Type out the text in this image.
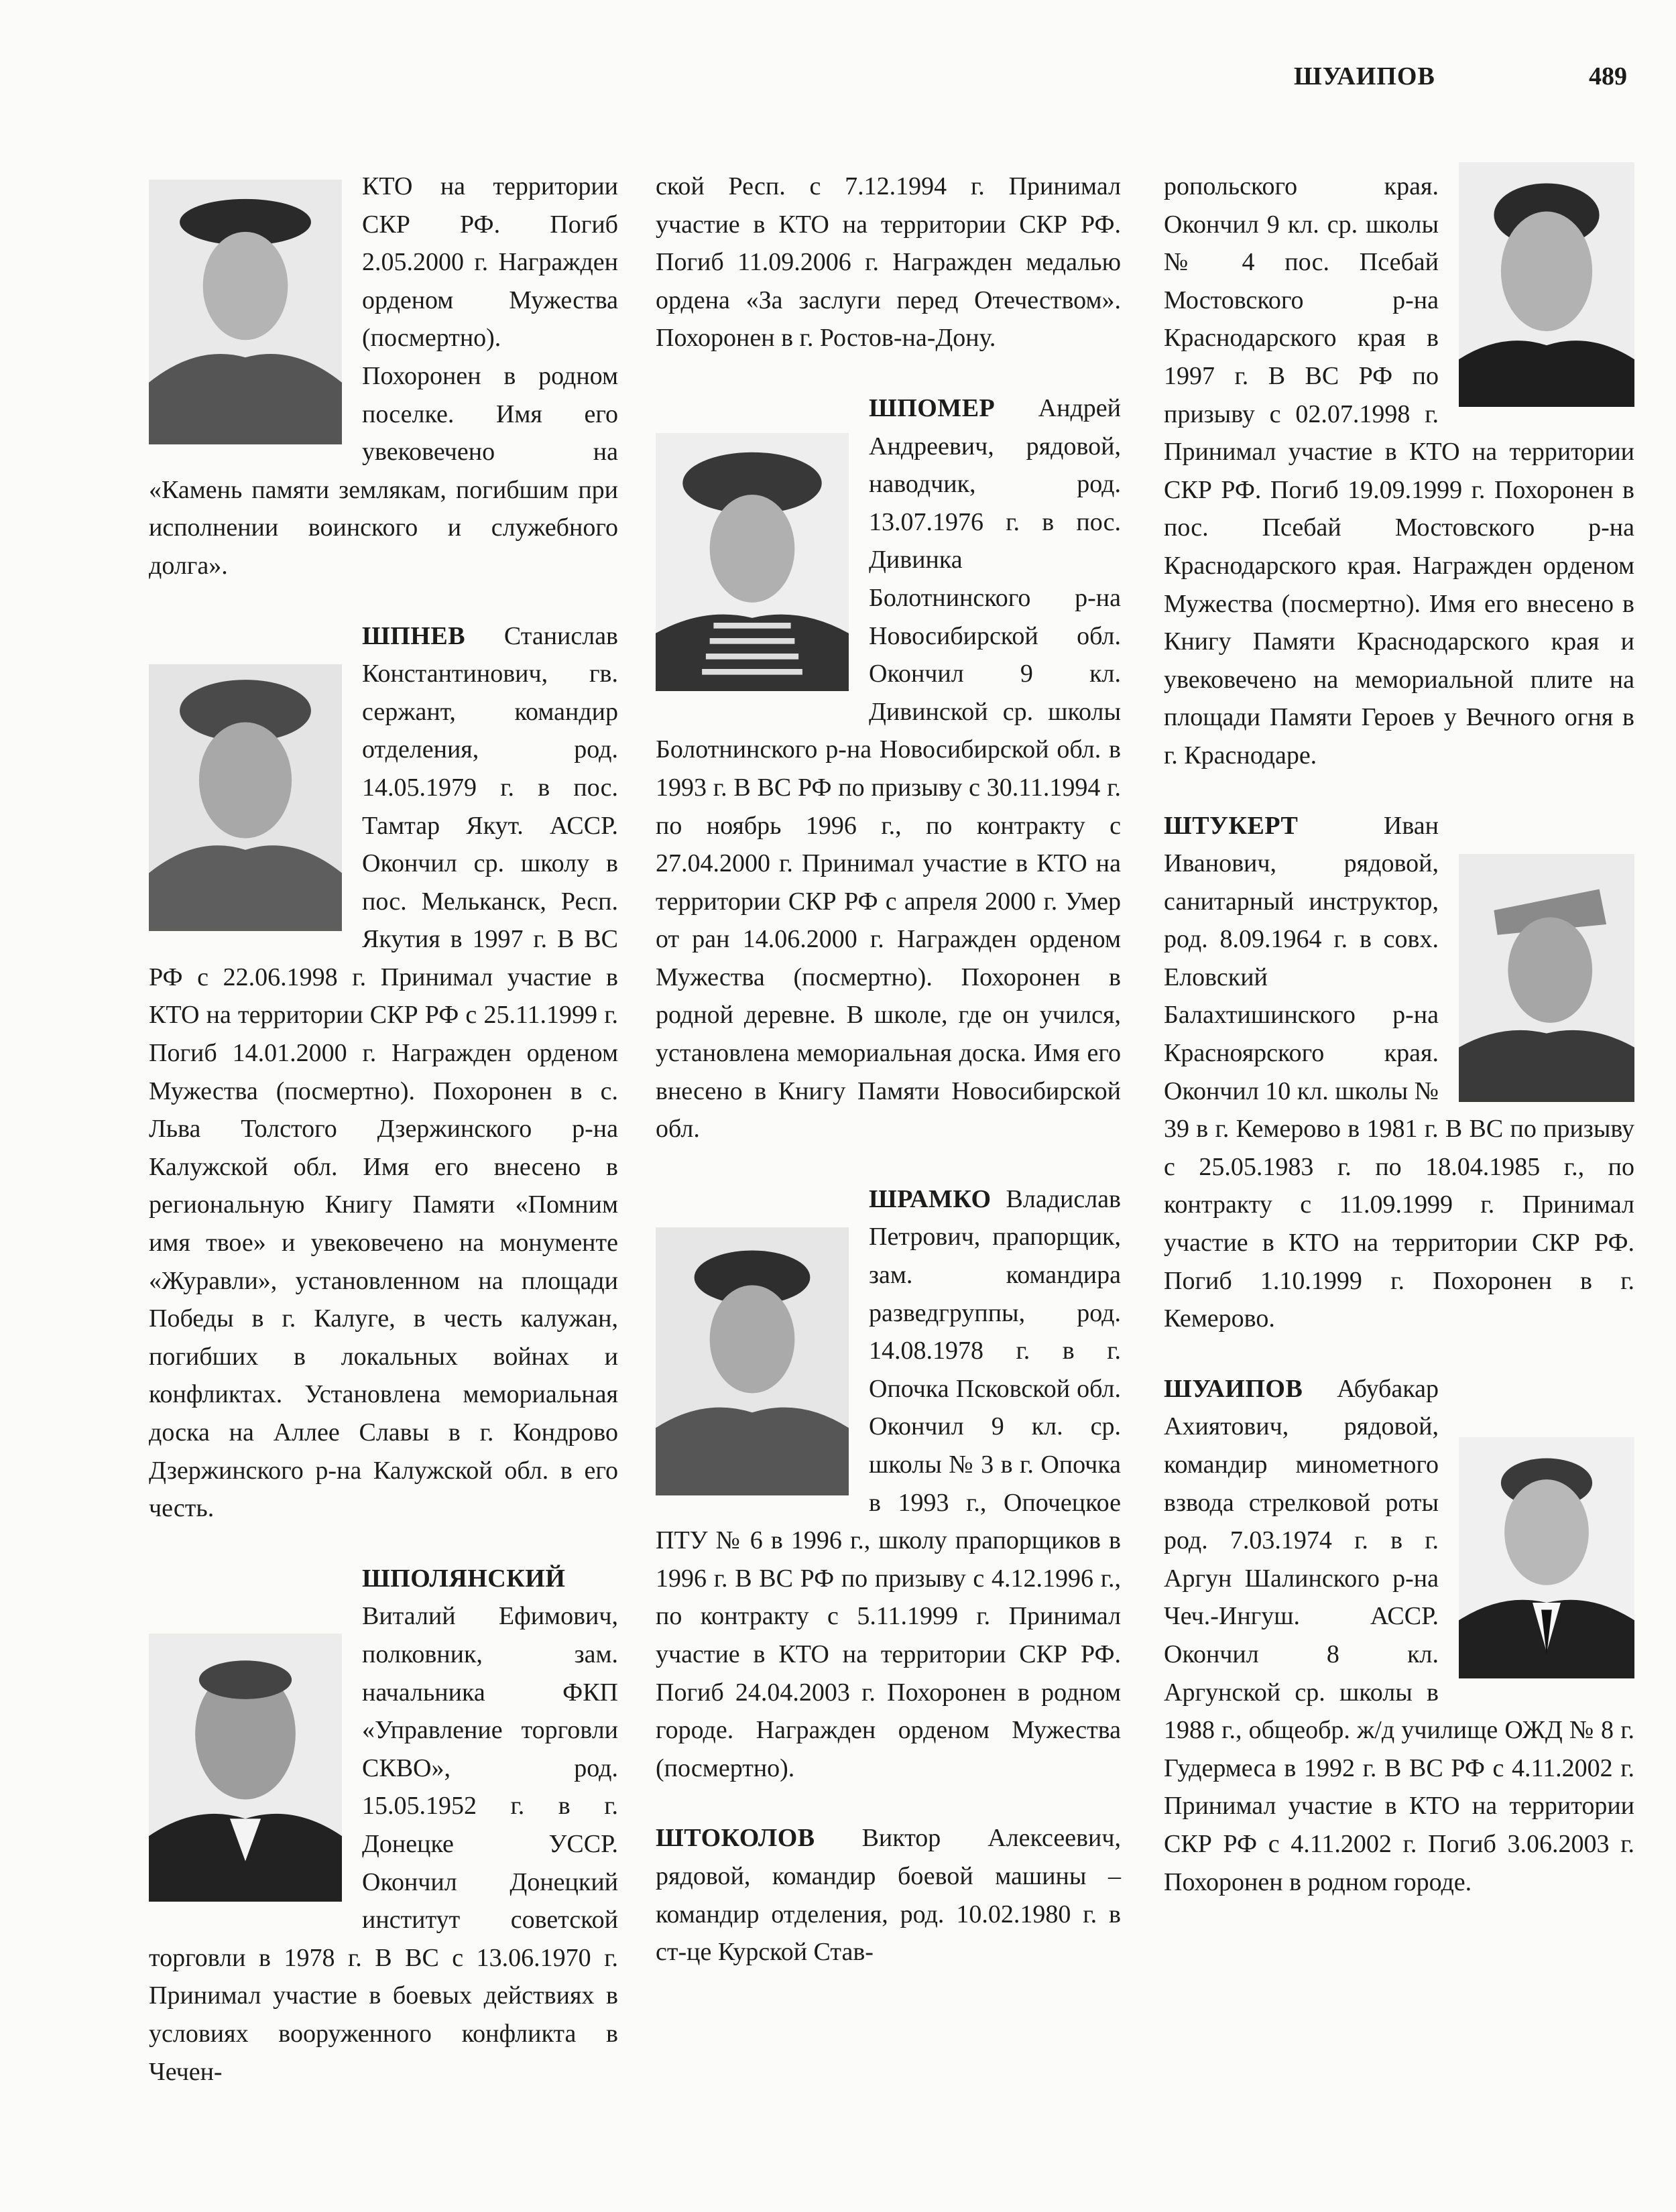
ШУАИПОВ	489

КТО на территории СКР РФ. Погиб 2.05.2000 г. Награжден орденом Мужества (посмертно). Похоронен в родном поселке. Имя его увековечено на «Камень памяти землякам, погибшим при исполнении воинского и служебного долга».

ШПНЕВ Станислав Константинович, гв. сержант, командир отделения, род. 14.05.1979 г. в пос. Тамтар Якут. АССР. Окончил ср. школу в пос. Мельканск, Респ. Якутия в 1997 г. В ВС РФ с 22.06.1998 г. Принимал участие в КТО на территории СКР РФ с 25.11.1999 г. Погиб 14.01.2000 г. Награжден орденом Мужества (посмертно). Похоронен в с. Льва Толстого Дзержинского р-на Калужской обл. Имя его внесено в региональную Книгу Памяти «Помним имя твое» и увековечено на монументе «Журавли», установленном на площади Победы в г. Калуге, в честь калужан, погибших в локальных войнах и конфликтах. Установлена мемориальная доска на Аллее Славы в г. Кондрово Дзержинского р-на Калужской обл. в его честь.

ШПОЛЯНСКИЙ
Виталий Ефимович, полковник, зам. начальника ФКП «Управление торговли СКВО», род. 15.05.1952 г. в г. Донецке УССР. Окончил Донецкий институт советской торговли в 1978 г. В ВС с 13.06.1970 г. Принимал участие в боевых действиях в условиях вооруженного конфликта в Чечен-

ской Респ. с 7.12.1994 г. Принимал участие в КТО на территории СКР РФ. Погиб 11.09.2006 г. Награжден медалью ордена «За заслуги перед Отечеством». Похоронен в г. Ростов-на-Дону.

ШПОМЕР Андрей Андреевич, рядовой, наводчик, род. 13.07.1976 г. в пос. Дивинка Болотнинского р-на Новосибирской обл. Окончил 9 кл. Дивинской ср. школы Болотнинского р-на Новосибирской обл. в 1993 г. В ВС РФ по призыву с 30.11.1994 г. по ноябрь 1996 г., по контракту с 27.04.2000 г. Принимал участие в КТО на территории СКР РФ с апреля 2000 г. Умер от ран 14.06.2000 г. Награжден орденом Мужества (посмертно). Похоронен в родной деревне. В школе, где он учился, установлена мемориальная доска. Имя его внесено в Книгу Памяти Новосибирской обл.

ШРАМКО Владислав Петрович, прапорщик, зам. командира разведгруппы, род. 14.08.1978 г. в г. Опочка Псковской обл. Окончил 9 кл. ср. школы № 3 в г. Опочка в 1993 г., Опочецкое ПТУ № 6 в 1996 г., школу прапорщиков в 1996 г. В ВС РФ по призыву с 4.12.1996 г., по контракту с 5.11.1999 г. Принимал участие в КТО на территории СКР РФ. Погиб 24.04.2003 г. Похоронен в родном городе. Награжден орденом Мужества (посмертно).

ШТОКОЛОВ Виктор Алексеевич, рядовой, командир боевой машины – командир отделения, род. 10.02.1980 г. в ст-це Курской Став-

ропольского края. Окончил 9 кл. ср. школы № 4 пос. Псебай Мостовского р-на Краснодарского края в 1997 г. В ВС РФ по призыву с 02.07.1998 г. Принимал участие в КТО на территории СКР РФ. Погиб 19.09.1999 г. Похоронен в пос. Псебай Мостовского р-на Краснодарского края. Награжден орденом Мужества (посмертно). Имя его внесено в Книгу Памяти Краснодарского края и увековечено на мемориальной плите на площади Памяти Героев у Вечного огня в г. Краснодаре.

ШТУКЕРТ	Иван Иванович, рядовой, санитарный инструктор, род. 8.09.1964 г. в совх. Еловский Балахтишинского р-на Красноярского края. Окончил 10 кл. школы № 39 в г. Кемерово в 1981 г. В ВС по призыву с 25.05.1983 г. по 18.04.1985 г., по контракту с 11.09.1999 г. Принимал участие в КТО на территории СКР РФ. Погиб 1.10.1999 г. Похоронен в г. Кемерово.

ШУАИПОВ Абубакар Ахиятович, рядовой, командир минометного взвода стрелковой роты род. 7.03.1974 г. в г. Аргун Шалинского р-на Чеч.-Ингуш. АССР. Окончил 8 кл. Аргунской ср. школы в 1988 г., общеобр. ж/д училище ОЖД № 8 г. Гудермеса в 1992 г. В ВС РФ с 4.11.2002 г. Принимал участие в КТО на территории СКР РФ с 4.11.2002 г. Погиб 3.06.2003 г. Похоронен в родном городе.
